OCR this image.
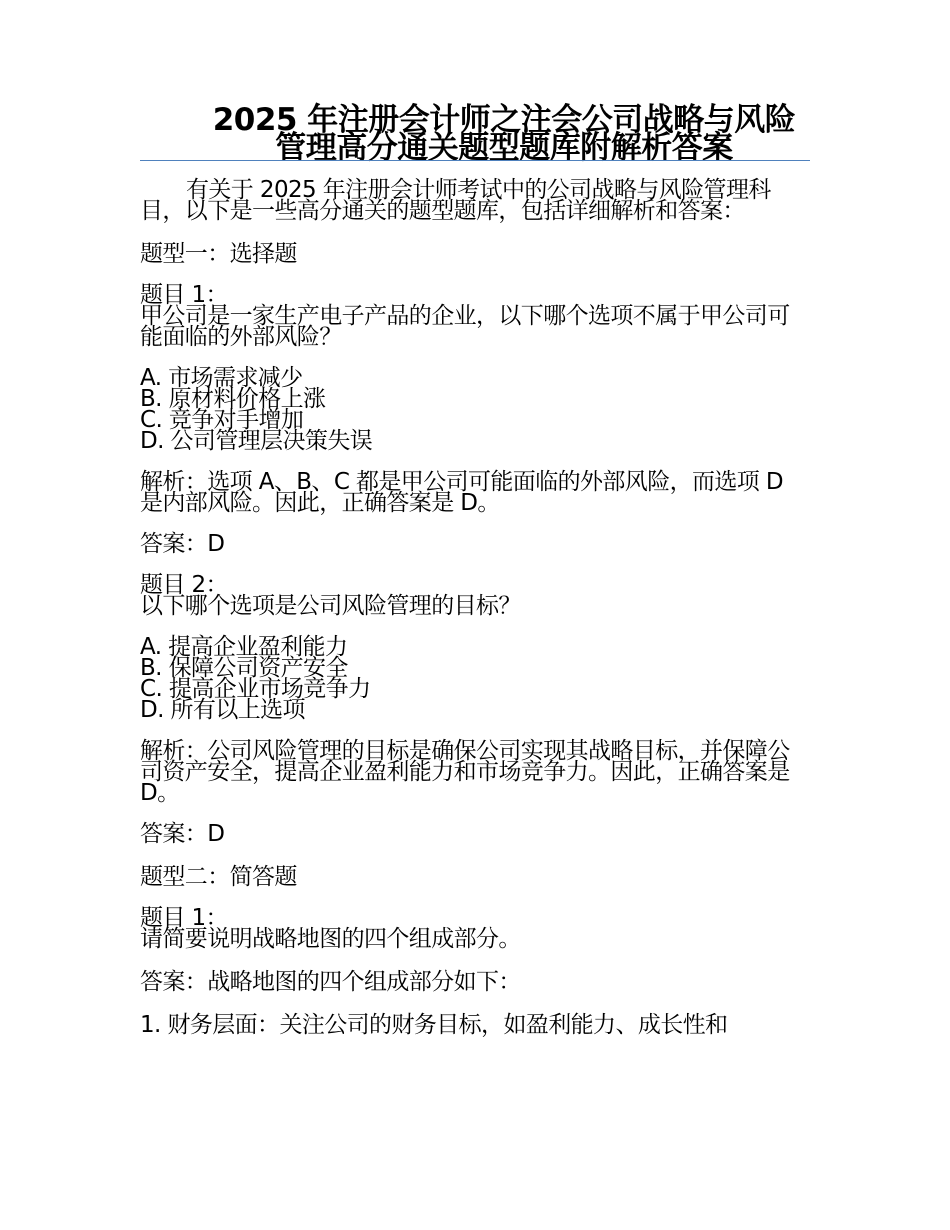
2025 年注册会计师之注会公司战略与风险管理高分通关题型题库附解析答案

有关于 2025 年注册会计师考试中的公司战略与风险管理科目，以下是一些高分通关的题型题库，包括详细解析和答案：

题型一：选择题

题目 1：

甲公司是一家生产电子产品的企业，以下哪个选项不属于甲公司可能面临的外部风险？

A. 市场需求减少

B. 原材料价格上涨

C. 竞争对手增加

D. 公司管理层决策失误

解析：选项 A、B、C 都是甲公司可能面临的外部风险，而选项 D 是内部风险。因此，正确答案是 D。

答案：D

题目 2：

以下哪个选项是公司风险管理的目标？

A. 提高企业盈利能力

B. 保障公司资产安全

C. 提高企业市场竞争力

D. 所有以上选项

解析：公司风险管理的目标是确保公司实现其战略目标，并保障公司资产安全，提高企业盈利能力和市场竞争力。因此，正确答案是 D。

答案：D

题型二：简答题

题目 1：

请简要说明战略地图的四个组成部分。

答案：战略地图的四个组成部分如下：

1. 财务层面：关注公司的财务目标，如盈利能力、成长性和
